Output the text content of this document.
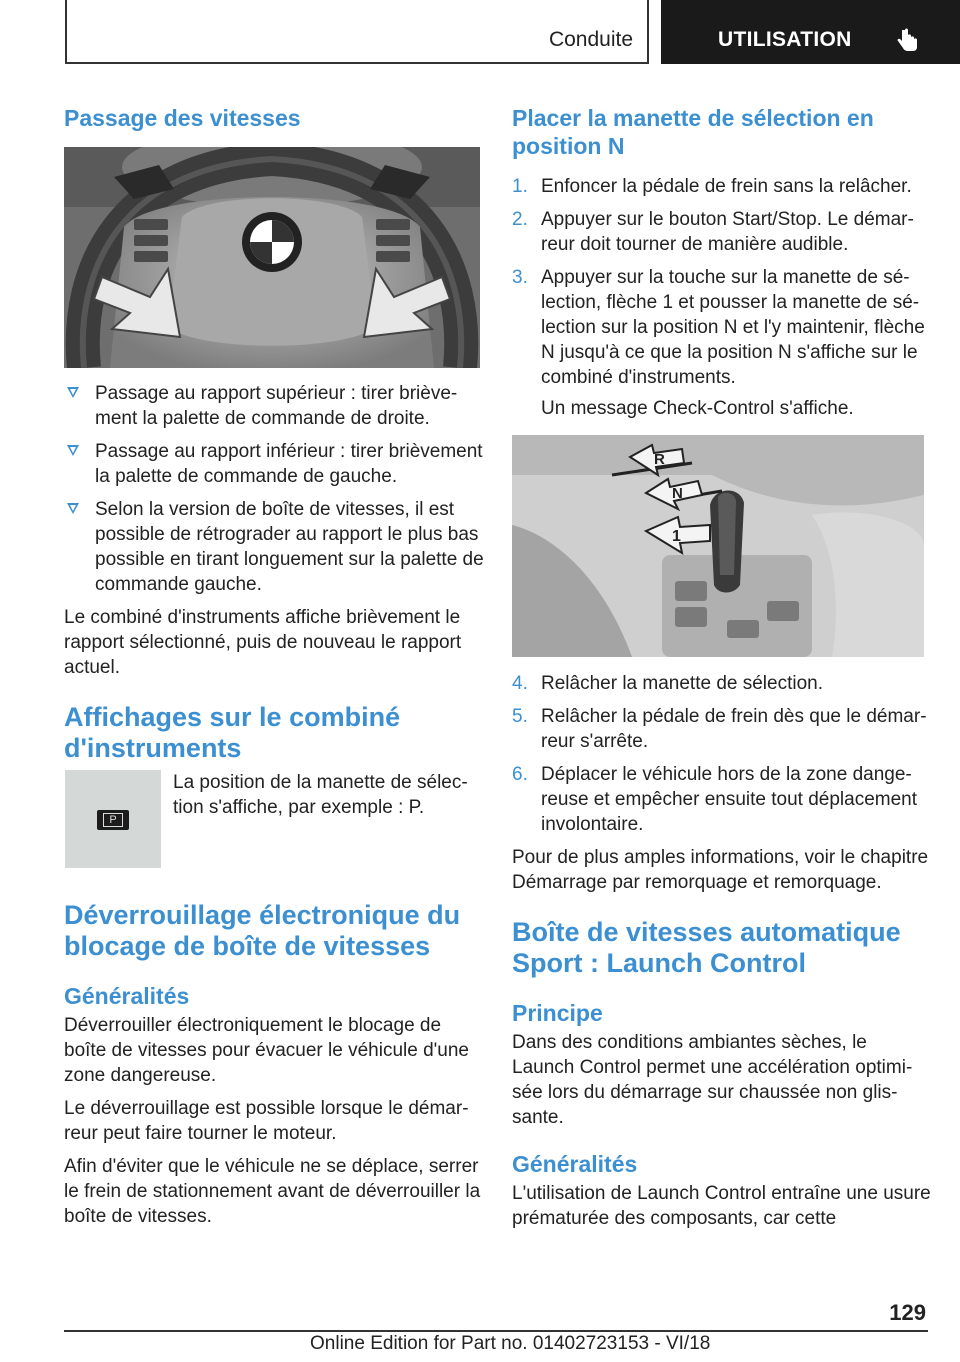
Conduite	UTILISATION
Passage des vitesses
Passage au rapport supérieur : tirer brièvement la palette de commande de droite.
Passage au rapport inférieur : tirer brièvement la palette de commande de gauche.
Selon la version de boîte de vitesses, il est possible de rétrograder au rapport le plus bas possible en tirant longuement sur la palette de commande gauche.

Le combiné d'instruments affiche brièvement le rapport sélectionné, puis de nouveau le rapport actuel.

Affichages sur le combiné d'instruments
P

La position de la manette de sélection s'affiche, par exemple : P.

Déverrouillage électronique du blocage de boîte de vitesses
Généralités

Déverrouiller électroniquement le blocage de boîte de vitesses pour évacuer le véhicule d'une zone dangereuse.

Le déverrouillage est possible lorsque le démarreur peut faire tourner le moteur.

Afin d'éviter que le véhicule ne se déplace, serrer le frein de stationnement avant de déverrouiller la boîte de vitesses.

Placer la manette de sélection en position N
1. Enfoncer la pédale de frein sans la relâcher.
2. Appuyer sur le bouton Start/Stop. Le démarreur doit tourner de manière audible.
3. Appuyer sur la touche sur la manette de sélection, flèche 1 et pousser la manette de sélection sur la position N et l'y maintenir, flèche N jusqu'à ce que la position N s'affiche sur le combiné d'instruments.

Un message Check-Control s'affiche.

R
N
1
4. Relâcher la manette de sélection.
5. Relâcher la pédale de frein dès que le démarreur s'arrête.
6. Déplacer le véhicule hors de la zone dangereuse et empêcher ensuite tout déplacement involontaire.

Pour de plus amples informations, voir le chapitre Démarrage par remorquage et remorquage.

Boîte de vitesses automatique Sport : Launch Control
Principe

Dans des conditions ambiantes sèches, le Launch Control permet une accélération optimisée lors du démarrage sur chaussée non glissante.

Généralités

L'utilisation de Launch Control entraîne une usure prématurée des composants, car cette

129
Online Edition for Part no. 01402723153 - VI/18
